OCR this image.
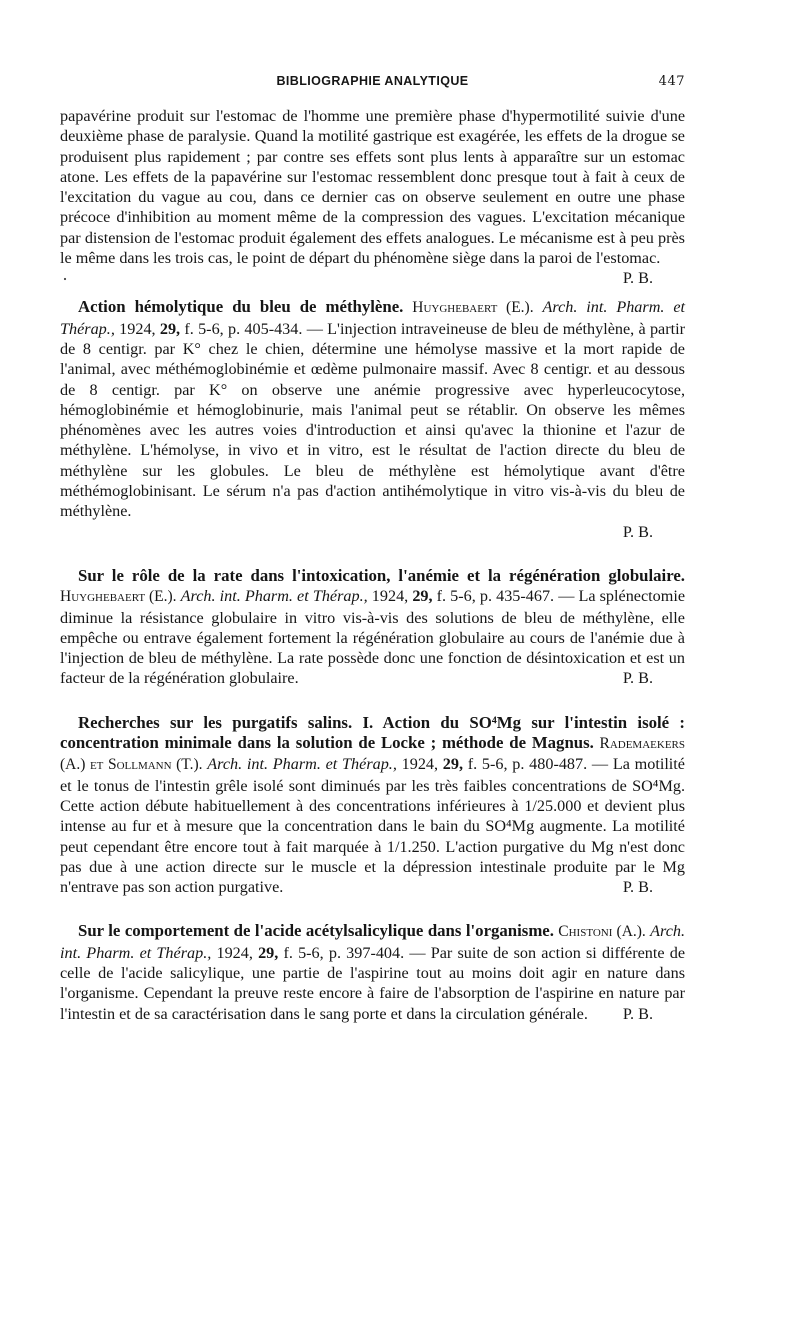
BIBLIOGRAPHIE ANALYTIQUE	447

papavérine produit sur l'estomac de l'homme une première phase d'hypermotilité suivie d'une deuxième phase de paralysie. Quand la motilité gastrique est exagérée, les effets de la drogue se produisent plus rapidement ; par contre ses effets sont plus lents à apparaître sur un estomac atone. Les effets de la papavérine sur l'estomac ressemblent donc presque tout à fait à ceux de l'excitation du vague au cou, dans ce dernier cas on observe seulement en outre une phase précoce d'inhibition au moment même de la compression des vagues. L'excitation mécanique par distension de l'estomac produit également des effets analogues. Le mécanisme est à peu près le même dans les trois cas, le point de départ du phénomène siège dans la paroi de l'estomac.
P. B.

Action hémolytique du bleu de méthylène. Huyghebaert (E.). Arch. int. Pharm. et Thérap., 1924, 29, f. 5-6, p. 405-434. — L'injection intraveineuse de bleu de méthylène, à partir de 8 centigr. par K° chez le chien, détermine une hémolyse massive et la mort rapide de l'animal, avec méthémoglobinémie et œdème pulmonaire massif. Avec 8 centigr. et au dessous de 8 centigr. par K° on observe une anémie progressive avec hyperleucocytose, hémoglobinémie et hémoglobinurie, mais l'animal peut se rétablir. On observe les mêmes phénomènes avec les autres voies d'introduction et ainsi qu'avec la thionine et l'azur de méthylène. L'hémolyse, in vivo et in vitro, est le résultat de l'action directe du bleu de méthylène sur les globules. Le bleu de méthylène est hémolytique avant d'être méthémoglobinisant. Le sérum n'a pas d'action antihémolytique in vitro vis-à-vis du bleu de méthylène.

P. B.

Sur le rôle de la rate dans l'intoxication, l'anémie et la régénération globulaire. Huyghebaert (E.). Arch. int. Pharm. et Thérap., 1924, 29, f. 5-6, p. 435-467. — La splénectomie diminue la résistance globulaire in vitro vis-à-vis des solutions de bleu de méthylène, elle empêche ou entrave également fortement la régénération globulaire au cours de l'anémie due à l'injection de bleu de méthylène. La rate possède donc une fonction de désintoxication et est un facteur de la régénération globulaire.	P. B.

Recherches sur les purgatifs salins. I. Action du SO⁴Mg sur l'intestin isolé : concentration minimale dans la solution de Locke ; méthode de Magnus. Rademaekers (A.) et Sollmann (T.). Arch. int. Pharm. et Thérap., 1924, 29, f. 5-6, p. 480-487. — La motilité et le tonus de l'intestin grêle isolé sont diminués par les très faibles concentrations de SO⁴Mg. Cette action débute habituellement à des concentrations inférieures à 1/25.000 et devient plus intense au fur et à mesure que la concentration dans le bain du SO⁴Mg augmente. La motilité peut cependant être encore tout à fait marquée à 1/1.250. L'action purgative du Mg n'est donc pas due à une action directe sur le muscle et la dépression intestinale produite par le Mg n'entrave pas son action purgative.	P. B.

Sur le comportement de l'acide acétylsalicylique dans l'organisme. Chistoni (A.). Arch. int. Pharm. et Thérap., 1924, 29, f. 5-6, p. 397-404. — Par suite de son action si différente de celle de l'acide salicylique, une partie de l'aspirine tout au moins doit agir en nature dans l'organisme. Cependant la preuve reste encore à faire de l'absorption de l'aspirine en nature par l'intestin et de sa caractérisation dans le sang porte et dans la circulation générale.	P. B.
